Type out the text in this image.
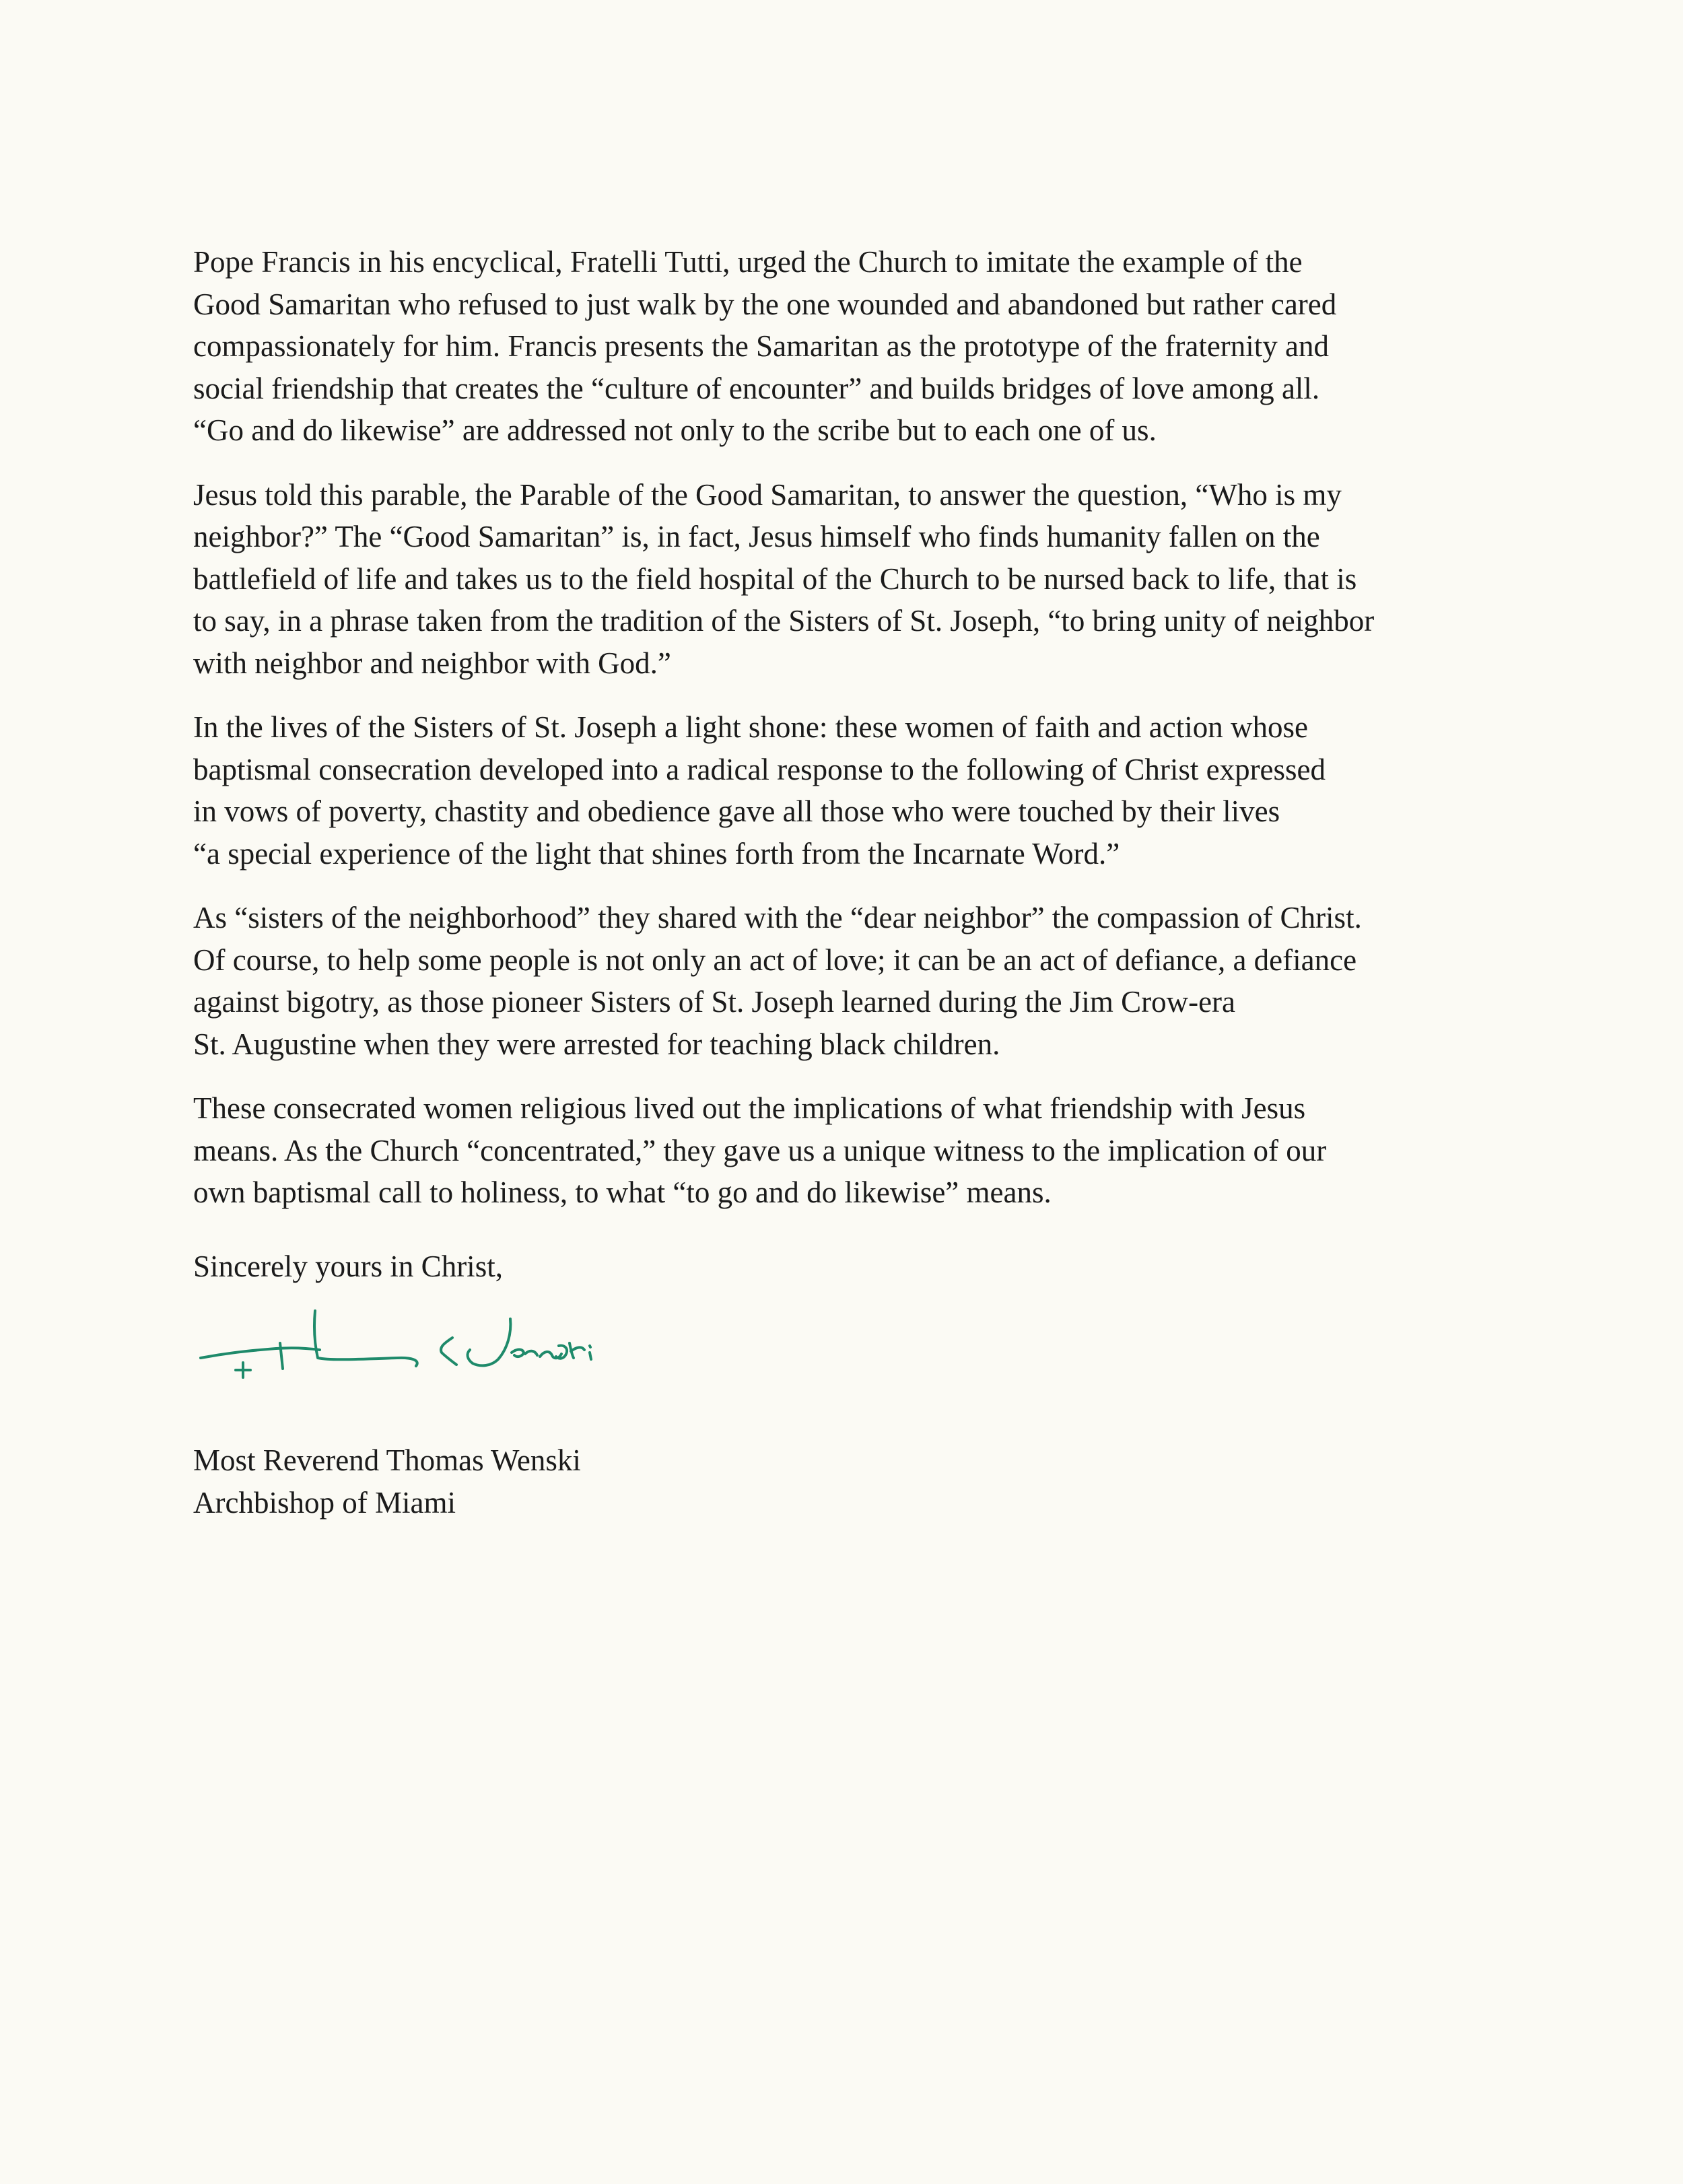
Pope Francis in his encyclical, Fratelli Tutti, urged the Church to imitate the example of the
Good Samaritan who refused to just walk by the one wounded and abandoned but rather cared
compassionately for him. Francis presents the Samaritan as the prototype of the fraternity and
social friendship that creates the “culture of encounter” and builds bridges of love among all.
“Go and do likewise” are addressed not only to the scribe but to each one of us.

Jesus told this parable, the Parable of the Good Samaritan, to answer the question, “Who is my
neighbor?” The “Good Samaritan” is, in fact, Jesus himself who finds humanity fallen on the
battlefield of life and takes us to the field hospital of the Church to be nursed back to life, that is
to say, in a phrase taken from the tradition of the Sisters of St. Joseph, “to bring unity of neighbor
with neighbor and neighbor with God.”

In the lives of the Sisters of St. Joseph a light shone: these women of faith and action whose
baptismal consecration developed into a radical response to the following of Christ expressed
in vows of poverty, chastity and obedience gave all those who were touched by their lives
“a special experience of the light that shines forth from the Incarnate Word.”

As “sisters of the neighborhood” they shared with the “dear neighbor” the compassion of Christ.
Of course, to help some people is not only an act of love; it can be an act of defiance, a defiance
against bigotry, as those pioneer Sisters of St. Joseph learned during the Jim Crow-era
St. Augustine when they were arrested for teaching black children.

These consecrated women religious lived out the implications of what friendship with Jesus
means. As the Church “concentrated,” they gave us a unique witness to the implication of our
own baptismal call to holiness, to what “to go and do likewise” means.

Sincerely yours in Christ,
Most Reverend Thomas Wenski
Archbishop of Miami
